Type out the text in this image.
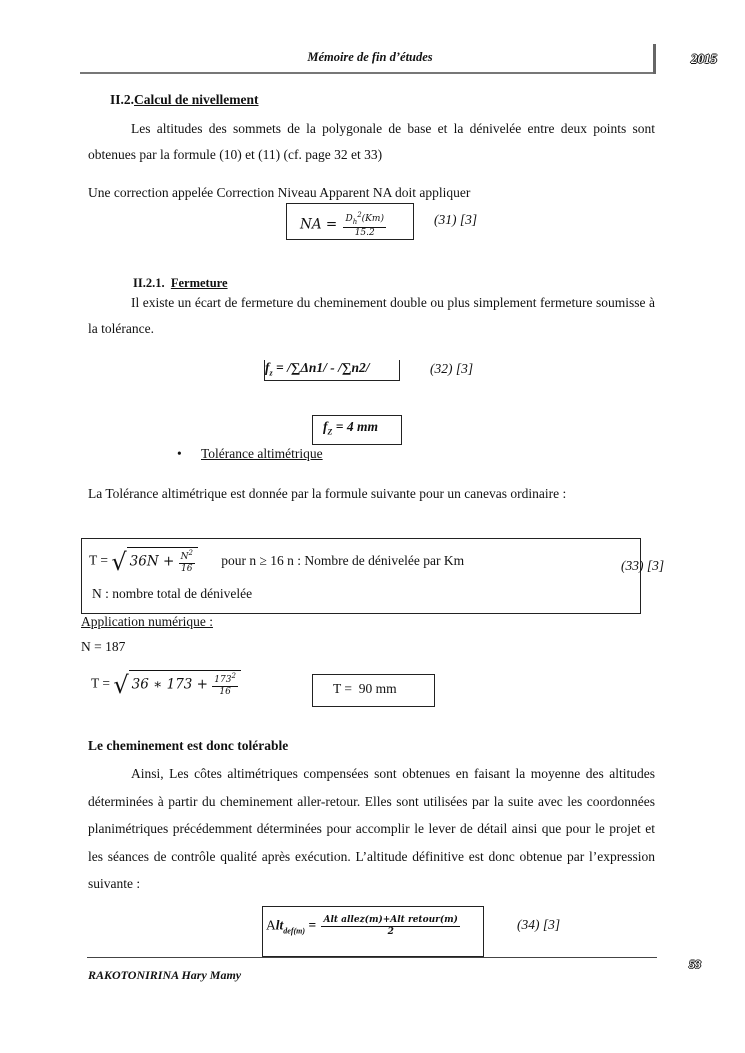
Mémoire de fin d’études	2015
II.2.Calcul de nivellement
Les altitudes des sommets de la polygonale de base et la dénivelée entre deux points sont obtenues par la formule (10) et (11) (cf. page 32 et 33)
Une correction appelée Correction Niveau Apparent NA doit appliquer
NA = $\frac{D_h^2(Km)}{15.2}$	(31) [3]
II.2.1. Fermeture
Il existe un écart de fermeture du cheminement double ou plus simplement fermeture soumisse à la tolérance.
$f_z = /\sum\Delta n1/ - /\sum n2/$	(32) [3]
$f_Z = 4$ mm
• Tolérance altimétrique
La Tolérance altimétrique est donnée par la formule suivante pour un canevas ordinaire :
T = √ $36N + \frac{N^2}{16}$ pour n ≥ 16 n : Nombre de dénivelée par Km
N : nombre total de dénivelée
(33) [3]
Application numérique :
N = 187
T = √ 36 ∗ $173 + \frac{173^2}{16}$	T =  90 mm
Le cheminement est donc tolérable
Ainsi, Les côtes altimétriques compensées sont obtenues en faisant la moyenne des altitudes déterminées à partir du cheminement aller-retour. Elles sont utilisées par la suite avec les coordonnées planimétriques précédemment déterminées pour accomplir le lever de détail ainsi que pour le projet et les séances de contrôle qualité après exécution. L’altitude définitive est donc obtenue par l’expression suivante :
$Alt_{def(m)} = \frac{\text{Alt allez(m)+Alt retour(m)}}{2}$	(34) [3]
RAKOTONIRINA Hary Mamy
53
